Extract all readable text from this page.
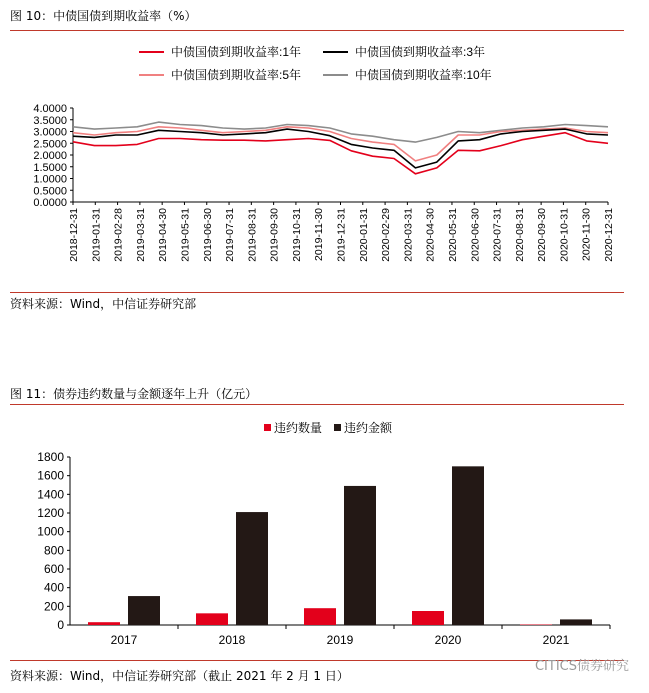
图 10：中债国债到期收益率（%）
中债国债到期收益率:1年	中债国债到期收益率:3年
中债国债到期收益率:5年	中债国债到期收益率:10年
4.0000
3.5000
3.0000
2.5000
2.0000
1.5000
1.0000
0.5000
0.0000
2018-12-31 2019-01-31 2019-02-28 2019-03-31 2019-04-30 2019-05-31 2019-06-30 2019-07-31 2019-08-31 2019-09-30 2019-10-31 2019-11-30 2019-12-31 2020-01-31 2020-02-29 2020-03-31 2020-04-30 2020-05-31 2020-06-30 2020-07-31 2020-08-31 2020-09-30 2020-10-31 2020-11-30 2020-12-31
资料来源：Wind，中信证券研究部
图 11：债券违约数量与金额逐年上升（亿元）
违约数量 违约金额
1800
1600
1400
1200
1000
800
600
400
200
0
2017	2018	2019	2020	2021
资料来源：Wind，中信证券研究部（截止 2021 年 2 月 1 日）
CITICS债券研究
